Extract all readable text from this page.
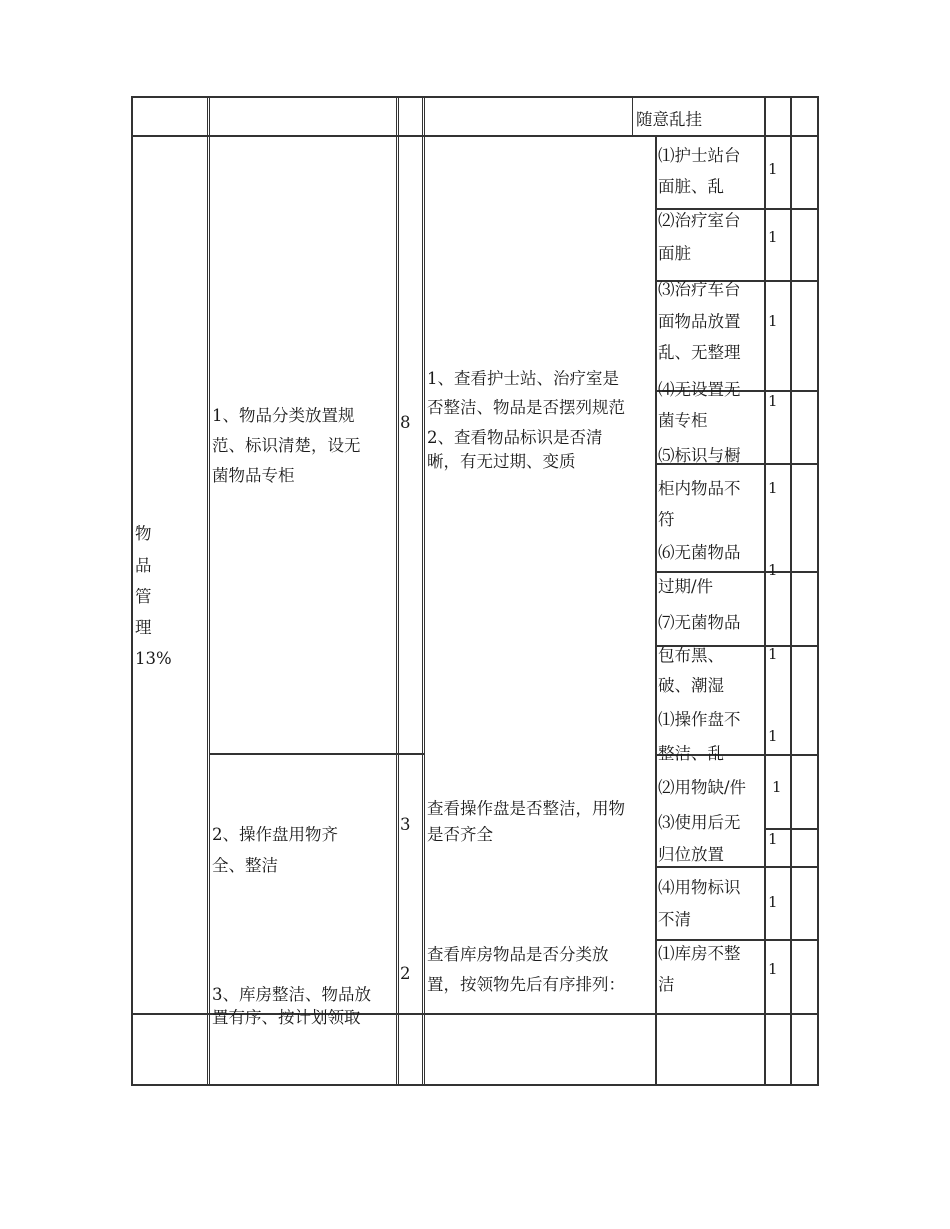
随意乱挂
物
品
管
理
13%
1、物品分类放置规
范、标识清楚，设无
菌物品专柜
8
1、查看护士站、治疗室是
否整洁、物品是否摆列规范
2、查看物品标识是否清
晰，有无过期、变质
2、操作盘用物齐
全、整洁
3
查看操作盘是否整洁，用物
是否齐全
3、库房整洁、物品放
置有序、按计划领取
2
查看库房物品是否分类放
置，按领物先后有序排列：
⑴护士站台
面脏、乱
⑵治疗室台
面脏
⑶治疗车台
面物品放置
乱、无整理
⑷无设置无
菌专柜
⑸标识与橱
柜内物品不
符
⑹无菌物品
过期/件
⑺无菌物品
包布黑、
破、潮湿
⑴操作盘不
整洁、乱
⑵用物缺/件
⑶使用后无
归位放置
⑷用物标识
不清
⑴库房不整
洁
1
1
1
1
1
1
1
1
1
1
1
1
